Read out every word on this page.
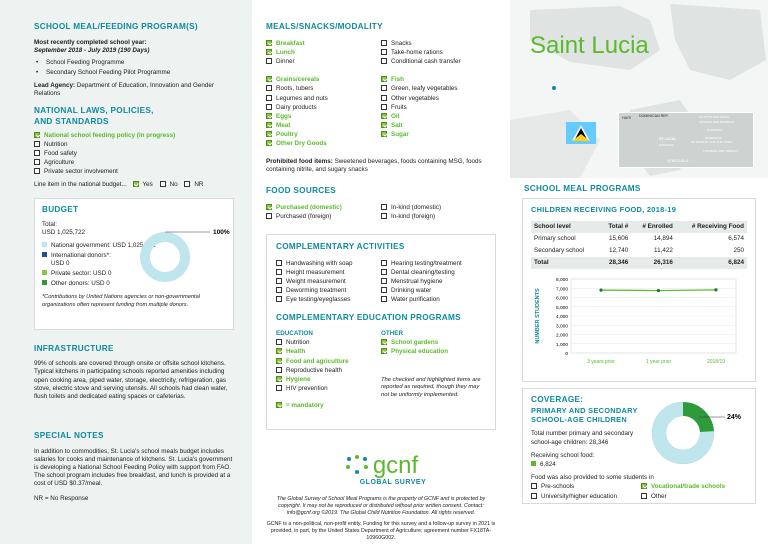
SCHOOL MEAL/FEEDING PROGRAM(S)
Most recently completed school year:
September 2018 - July 2019 (190 Days)
• School Feeding Programme
• Secondary School Feeding Pilot Programme
Lead Agency: Department of Education, Innovation and Gender Relations
NATIONAL LAWS, POLICIES,
AND STANDARDS
National school feeding policy (in progress)
Nutrition
Food safety
Agriculture
Private sector involvement
Line item in the national budget...	Yes	No	NR
BUDGET
Total:
USD 1,025,722
National government: USD 1,025,722
International donors*:
USD 0
Private sector: USD 0
Other donors: USD 0
*Contributions by United Nations agencies or non-governmental organizations often represent funding from multiple donors.
100%
INFRASTRUCTURE
99% of schools are covered through onsite or offsite school kitchens. Typical kitchens in participating schools reported amenities including open cooking area, piped water, storage, electricity, refrigeration, gas stove, electric stove and serving utensils. All schools had clean water, flush toilets and dedicated eating spaces or cafeterias.
SPECIAL NOTES
In addition to commodities, St. Lucia's school meals budget includes salaries for cooks and maintenance of kitchens. St. Lucia's government is developing a National School Feeding Policy with support from FAO. The school program includes free breakfast, and lunch is provided at a cost of USD $0.37/meal.
NR = No Response
MEALS/SNACKS/MODALITY
Breakfast
Lunch
Dinner
Snacks
Take-home rations
Conditional cash transfer
Grains/cereals
Roots, tubers
Legumes and nuts
Dairy products
Eggs
Meat
Poultry
Other Dry Goods
Fish
Green, leafy vegetables
Other vegetables
Fruits
Oil
Salt
Sugar
Prohibited food items: Sweetened beverages, foods containing MSG, foods containing nitrite, and sugary snacks
FOOD SOURCES
Purchased (domestic)
Purchased (foreign)
In-kind (domestic)
In-kind (foreign)
COMPLEMENTARY ACTIVITIES
Handwashing with soap
Height measurement
Weight measurement
Deworming treatment
Eye testing/eyeglasses
Hearing testing/treatment
Dental cleaning/testing
Menstrual hygiene
Drinking water
Water purification
COMPLEMENTARY EDUCATION PROGRAMS
EDUCATION
Nutrition
Health
Food and agriculture
Reproductive health
Hygiene
HIV prevention
= mandatory
OTHER
School gardens
Physical education
The checked and highlighted items are reported as required, though they may not be uniformly implemented.
gcnf
GLOBAL SURVEY
The Global Survey of School Meal Programs is the property of GCNF and is protected by copyright. It may not be reproduced or distributed without prior written consent. Contact: info@gcnf.org ©2019. The Global Child Nutrition Foundation. All rights reserved.
GCNF is a non-political, non-profit entity. Funding for this survey and a follow-up survey in 2021 is provided, in part, by the United States Department of Agriculture; agreement number FX18TA-10960G002.
Saint Lucia
HAITI DOMINICAN REP.	ST KITTS AND NEVIS
ANTIGUA AND BARBUDA
DOMINICA
ST LUCIA	BARBADOS
GRENADA
ST VINCENT AND THE GREN.
TRINIDAD AND TOBAGO
VENEZUELA
SCHOOL MEAL PROGRAMS
CHILDREN RECEIVING FOOD, 2018-19
School level	Total #	# Enrolled	# Receiving Food
Primary school	15,606	14,894	6,574
Secondary school	12,740	11,422	250
Total	28,346	26,316	6,824
8,000
7,000
6,000
5,000
4,000
3,000
2,000
1,000
0
3 years prior	1 year prior	2018/19
NUMBER STUDENTS
COVERAGE:
PRIMARY AND SECONDARY
SCHOOL-AGE CHILDREN
Total number primary and secondary school-age children: 28,346
Receiving school food:
6,824
Food was also provided to some students in
Pre-schools	Vocational/trade schools
University/higher education	Other
24%
